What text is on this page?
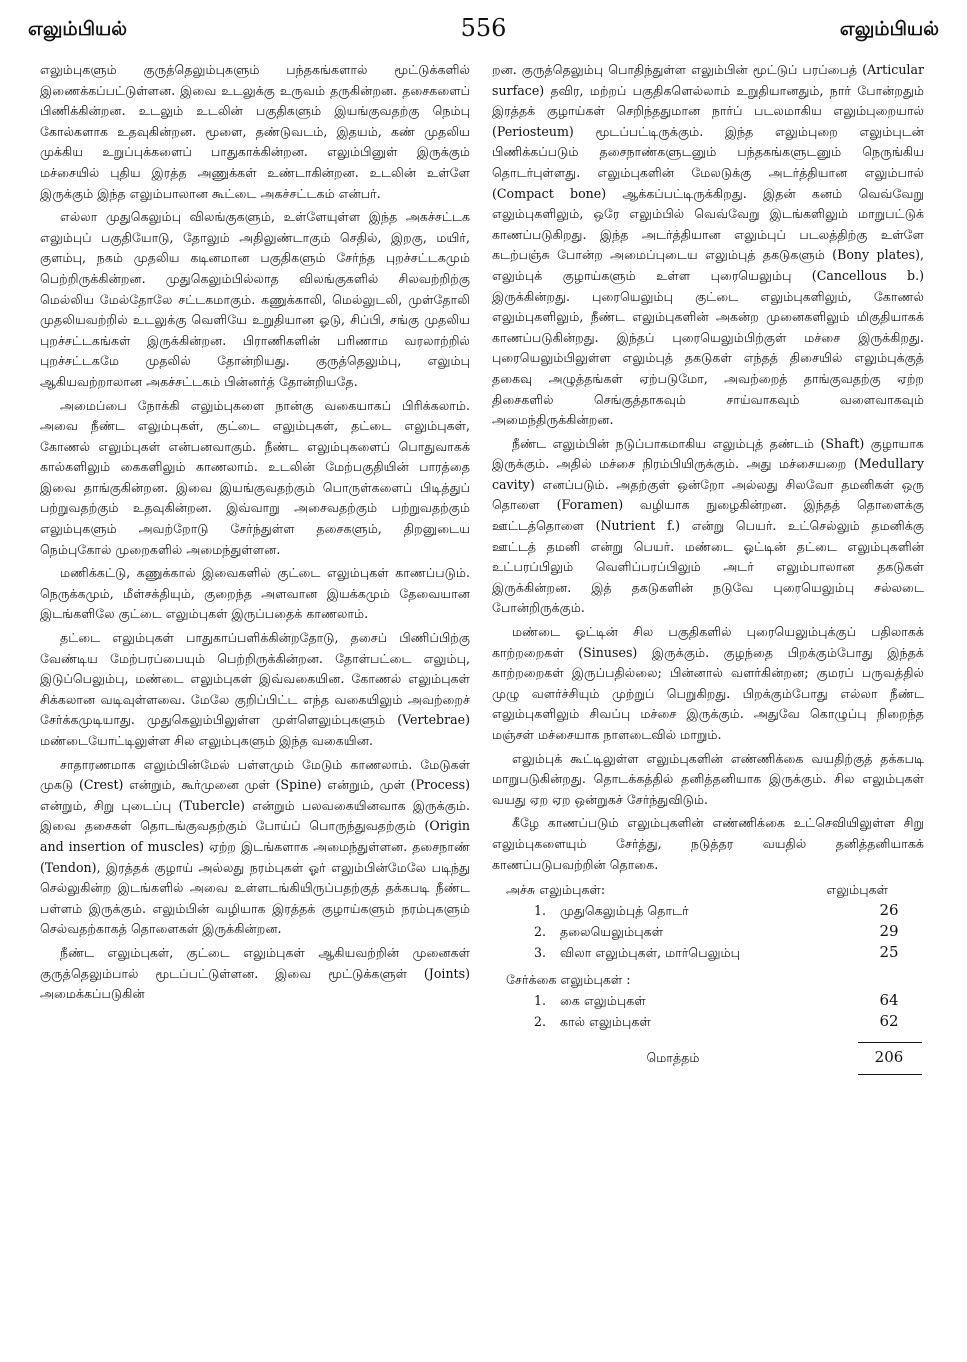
எலும்பியல்	556	எலும்பியல்

எலும்புகளும் குருத்தெலும்புகளும் பந்தகங்களால் மூட்டுக்களில் இணைக்கப்பட்டுள்ளன. இவை உடலுக்கு உருவம் தருகின்றன. தசைகளைப் பிணிக்கின்றன. உடலும் உடலின் பகுதிகளும் இயங்குவதற்கு நெம்பு கோல்களாக உதவுகின்றன. மூளை, தண்டுவடம், இதயம், கண் முதலிய முக்கிய உறுப்புக்களைப் பாதுகாக்கின்றன. எலும்பினுள் இருக்கும் மச்சையில் புதிய இரத்த அணுக்கள் உண்டாகின்றன. உடலின் உள்ளே இருக்கும் இந்த எலும்பாலான கூட்டை அகச்சட்டகம் என்பர்.

எல்லா முதுகெலும்பு விலங்குகளும், உள்ளேயுள்ள இந்த அகச்சட்டக எலும்புப் பகுதியோடு, தோலும் அதிலுண்டாகும் செதில், இறகு, மயிர், குளம்பு, நகம் முதலிய கடினமான பகுதிகளும் சேர்ந்த புறச்சட்டகமும் பெற்றிருக்கின்றன. முதுகெலும்பில்லாத விலங்குகளில் சிலவற்றிற்கு மெல்லிய மேல்தோலே சட்டகமாகும். கணுக்காலி, மெல்லுடலி, முள்தோலி முதலியவற்றில் உடலுக்கு வெளியே உறுதியான ஓடு, சிப்பி, சங்கு முதலிய புறச்சட்டகங்கள் இருக்கின்றன. பிராணிகளின் பரிணாம வரலாற்றில் புறச்சட்டகமே முதலில் தோன்றியது. குருத்தெலும்பு, எலும்பு ஆகியவற்றாலான அகச்சட்டகம் பின்னர்த் தோன்றியதே.

அமைப்பை நோக்கி எலும்புகளை நான்கு வகையாகப் பிரிக்கலாம். அவை நீண்ட எலும்புகள், குட்டை எலும்புகள், தட்டை எலும்புகள், கோணல் எலும்புகள் என்பனவாகும். நீண்ட எலும்புகளைப் பொதுவாகக் கால்களிலும் கைகளிலும் காணலாம். உடலின் மேற்பகுதியின் பாரத்தை இவை தாங்குகின்றன. இவை இயங்குவதற்கும் பொருள்களைப் பிடித்துப் பற்றுவதற்கும் உதவுகின்றன. இவ்வாறு அசைவதற்கும் பற்றுவதற்கும் எலும்புகளும் அவற்றோடு சேர்ந்துள்ள தசைகளும், திறனுடைய நெம்புகோல் முறைகளில் அமைந்துள்ளன.

மணிக்கட்டு, கணுக்கால் இவைகளில் குட்டை எலும்புகள் காணப்படும். நெருக்கமும், மீள்சக்தியும், குறைந்த அளவான இயக்கமும் தேவையான இடங்களிலே குட்டை எலும்புகள் இருப்பதைக் காணலாம்.

தட்டை எலும்புகள் பாதுகாப்பளிக்கின்றதோடு, தசைப் பிணிப்பிற்கு வேண்டிய மேற்பரப்பையும் பெற்றிருக்கின்றன. தோள்பட்டை எலும்பு, இடுப்பெலும்பு, மண்டை எலும்புகள் இவ்வகையின. கோணல் எலும்புகள் சிக்கலான வடிவுள்ளவை. மேலே குறிப்பிட்ட எந்த வகையிலும் அவற்றைச் சேர்க்கமுடியாது. முதுகெலும்பிலுள்ள முள்ளெலும்புகளும் (Vertebrae) மண்டையோட்டிலுள்ள சில எலும்புகளும் இந்த வகையின.

சாதாரணமாக எலும்பின்மேல் பள்ளமும் மேடும் காணலாம். மேடுகள் முகடு (Crest) என்றும், கூர்முனை முள் (Spine) என்றும், முள் (Process) என்றும், சிறு புடைப்பு (Tubercle) என்றும் பலவகையினவாக இருக்கும். இவை தசைகள் தொடங்குவதற்கும் போய்ப் பொருந்துவதற்கும் (Origin and insertion of muscles) ஏற்ற இடங்களாக அமைந்துள்ளன. தசைநாண் (Tendon), இரத்தக் குழாய் அல்லது நரம்புகள் ஓர் எலும்பின்மேலே படிந்து செல்லுகின்ற இடங்களில் அவை உள்ளடங்கியிருப்பதற்குத் தக்கபடி நீண்ட பள்ளம் இருக்கும். எலும்பின் வழியாக இரத்தக் குழாய்களும் நரம்புகளும் செல்வதற்காகத் தொளைகள் இருக்கின்றன.

நீண்ட எலும்புகள், குட்டை எலும்புகள் ஆகியவற்றின் முனைகள் குருத்தெலும்பால் மூடப்பட்டுள்ளன. இவை மூட்டுக்களுள் (Joints) அமைக்கப்படுகின்

றன. குருத்தெலும்பு பொதிந்துள்ள எலும்பின் மூட்டுப் பரப்பைத் (Articular surface) தவிர, மற்றப் பகுதிகளெல்லாம் உறுதியானதும், நார் போன்றதும் இரத்தக் குழாய்கள் செறிந்ததுமான நார்ப் படலமாகிய எலும்புறையால் (Periosteum) மூடப்பட்டிருக்கும். இந்த எலும்புறை எலும்புடன் பிணிக்கப்படும் தசைநாண்களுடனும் பந்தகங்களுடனும் நெருங்கிய தொடர்புள்ளது. எலும்புகளின் மேலடுக்கு அடர்த்தியான எலும்பால் (Compact bone) ஆக்கப்பட்டிருக்கிறது. இதன் கனம் வெவ்வேறு எலும்புகளிலும், ஒரே எலும்பில் வெவ்வேறு இடங்களிலும் மாறுபட்டுக் காணப்படுகிறது. இந்த அடர்த்தியான எலும்புப் படலத்திற்கு உள்ளே கடற்பஞ்சு போன்ற அமைப்புடைய எலும்புத் தகடுகளும் (Bony plates), எலும்புக் குழாய்களும் உள்ள புரையெலும்பு (Cancellous b.) இருக்கின்றது. புரையெலும்பு குட்டை எலும்புகளிலும், கோணல் எலும்புகளிலும், நீண்ட எலும்புகளின் அகன்ற முனைகளிலும் மிகுதியாகக் காணப்படுகின்றது. இந்தப் புரையெலும்பிற்குள் மச்சை இருக்கிறது. புரையெலும்பிலுள்ள எலும்புத் தகடுகள் எந்தத் திசையில் எலும்புக்குத் தகைவு அழுத்தங்கள் ஏற்படுமோ, அவற்றைத் தாங்குவதற்கு ஏற்ற திசைகளில் செங்குத்தாகவும் சாய்வாகவும் வளைவாகவும் அமைந்திருக்கின்றன.

நீண்ட எலும்பின் நடுப்பாகமாகிய எலும்புத் தண்டம் (Shaft) குழாயாக இருக்கும். அதில் மச்சை நிரம்பியிருக்கும். அது மச்சையறை (Medullary cavity) எனப்படும். அதற்குள் ஒன்றோ அல்லது சிலவோ தமனிகள் ஒரு தொளை (Foramen) வழியாக நுழைகின்றன. இந்தத் தொளைக்கு ஊட்டத்தொளை (Nutrient f.) என்று பெயர். உட்செல்லும் தமனிக்கு ஊட்டத் தமனி என்று பெயர். மண்டை ஓட்டின் தட்டை எலும்புகளின் உட்பரப்பிலும் வெளிப்பரப்பிலும் அடர் எலும்பாலான தகடுகள் இருக்கின்றன. இத் தகடுகளின் நடுவே புரையெலும்பு சல்லடை போன்றிருக்கும்.

மண்டை ஓட்டின் சில பகுதிகளில் புரையெலும்புக்குப் பதிலாகக் காற்றறைகள் (Sinuses) இருக்கும். குழந்தை பிறக்கும்போது இந்தக் காற்றறைகள் இருப்பதில்லை; பின்னால் வளர்கின்றன; குமரப் பருவத்தில் முழு வளர்ச்சியும் முற்றுப் பெறுகிறது. பிறக்கும்போது எல்லா நீண்ட எலும்புகளிலும் சிவப்பு மச்சை இருக்கும். அதுவே கொழுப்பு நிறைந்த மஞ்சள் மச்சையாக நாளடைவில் மாறும்.

எலும்புக் கூட்டிலுள்ள எலும்புகளின் எண்ணிக்கை வயதிற்குத் தக்கபடி மாறுபடுகின்றது. தொடக்கத்தில் தனித்தனியாக இருக்கும். சில எலும்புகள் வயது ஏற ஏற ஒன்றுகச் சேர்ந்துவிடும்.

கீழே காணப்படும் எலும்புகளின் எண்ணிக்கை உட்செவியிலுள்ள சிறு எலும்புகளையும் சேர்த்து, நடுத்தர வயதில் தனித்தனியாகக் காணப்படுபவற்றின் தொகை.

அச்சு எலும்புகள்:	எலும்புகள்
1.	முதுகெலும்புத் தொடர்	26
2.	தலையெலும்புகள்	29
3.	விலா எலும்புகள், மார்பெலும்பு	25
சேர்க்கை எலும்புகள் :
1.	கை எலும்புகள்	64
2.	கால் எலும்புகள்	62
மொத்தம்	206
